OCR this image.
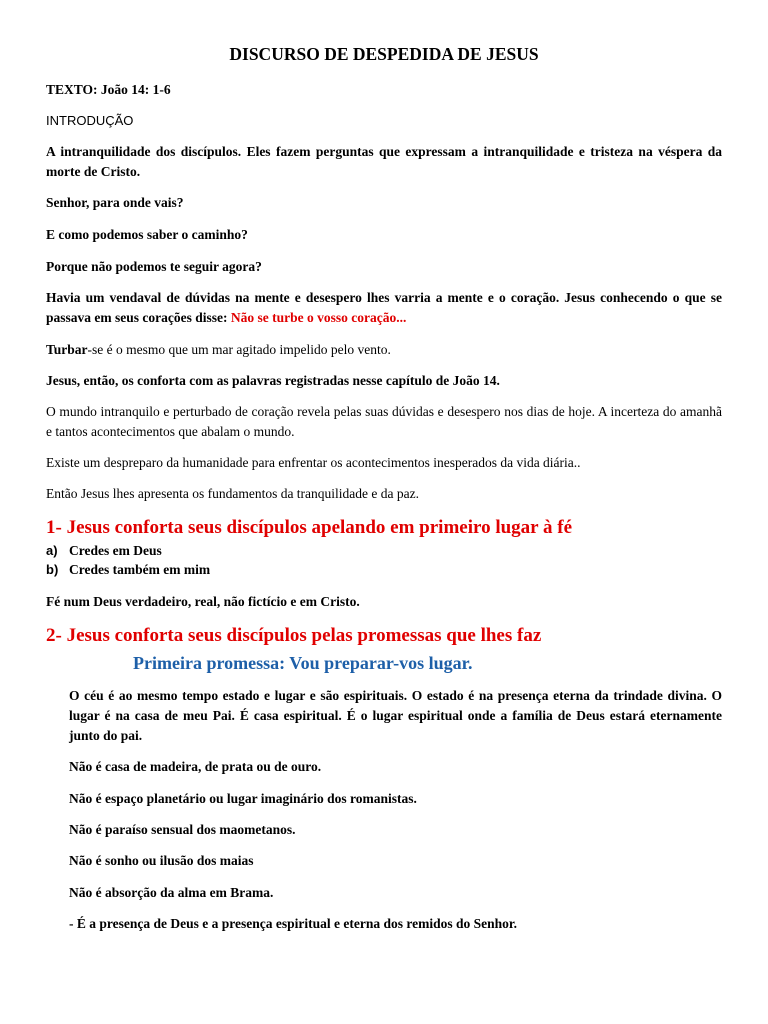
DISCURSO DE DESPEDIDA DE JESUS

TEXTO: João 14: 1-6

INTRODUÇÃO

A intranquilidade dos discípulos. Eles fazem perguntas que expressam a intranquilidade e tristeza na véspera da morte de Cristo.

Senhor, para onde vais?

E como podemos saber o caminho?

Porque não podemos te seguir agora?

Havia um vendaval de dúvidas na mente e desespero lhes varria a mente e o coração. Jesus conhecendo o que se passava em seus corações disse: Não se turbe o vosso coração...

Turbar-se é o mesmo que um mar agitado impelido pelo vento.

Jesus, então, os conforta com as palavras registradas nesse capítulo de João 14.

O mundo intranquilo e perturbado de coração revela pelas suas dúvidas e desespero nos dias de hoje. A incerteza do amanhã e tantos acontecimentos que abalam o mundo.

Existe um despreparo da humanidade para enfrentar os acontecimentos inesperados da vida diária..

Então Jesus lhes apresenta os fundamentos da tranquilidade e da paz.

1- Jesus conforta seus discípulos apelando em primeiro lugar à fé
a) Credes em Deus
b) Credes também em mim

Fé num Deus verdadeiro, real, não fictício e em Cristo.

2- Jesus conforta seus discípulos pelas promessas que lhes faz
Primeira promessa: Vou preparar-vos lugar.

O céu é ao mesmo tempo estado e lugar e são espirituais. O estado é na presença eterna da trindade divina. O lugar é na casa de meu Pai. É casa espiritual. É o lugar espiritual onde a família de Deus estará eternamente junto do pai.

Não é casa de madeira, de prata ou de ouro.

Não é espaço planetário ou lugar imaginário dos romanistas.

Não é paraíso sensual dos maometanos.

Não é sonho ou ilusão dos maias

Não é absorção da alma em Brama.

- É a presença de Deus e a presença espiritual e eterna dos remidos do Senhor.
